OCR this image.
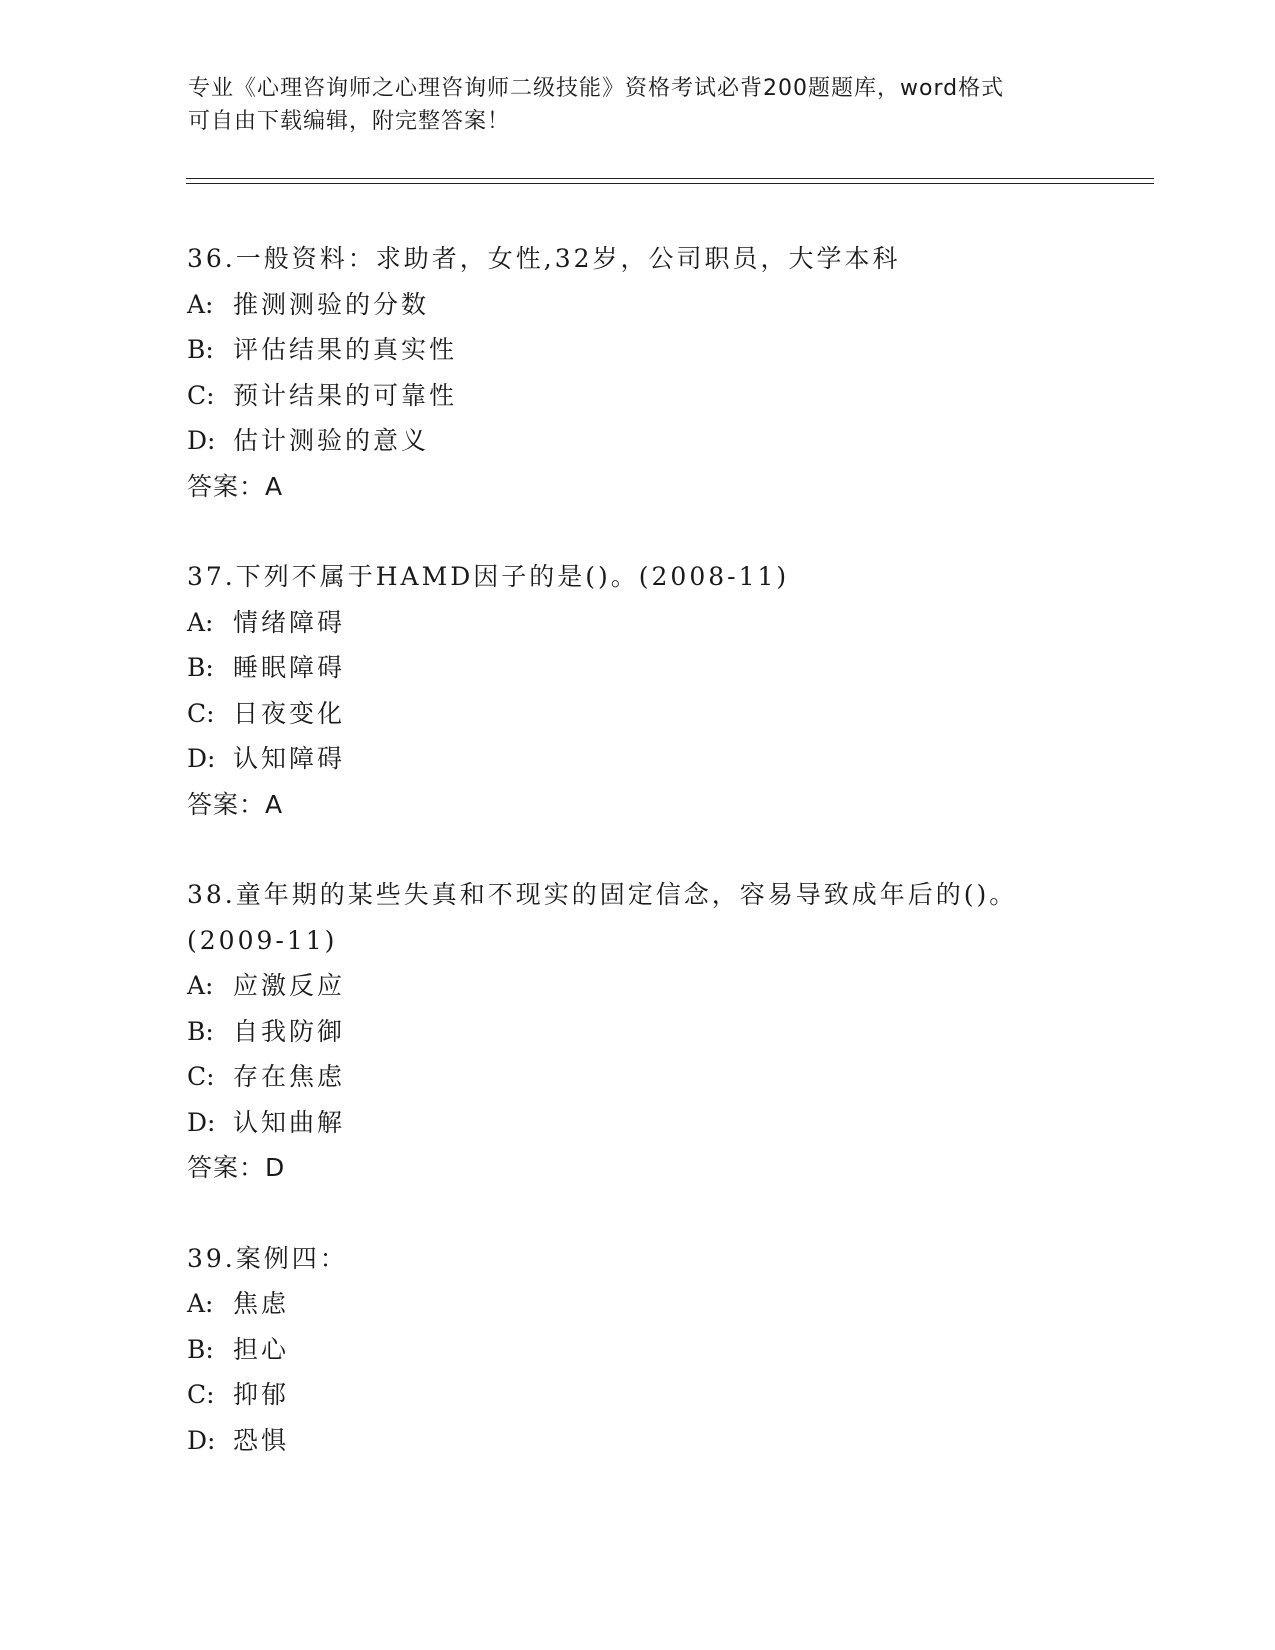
专业《心理咨询师之心理咨询师二级技能》资格考试必背200题题库，word格式
可自由下载编辑，附完整答案！
36.一般资料：求助者，女性,32岁，公司职员，大学本科
A: 推测测验的分数
B: 评估结果的真实性
C: 预计结果的可靠性
D: 估计测验的意义
答案：A
37.下列不属于HAMD因子的是()。(2008-11)
A: 情绪障碍
B: 睡眠障碍
C: 日夜变化
D: 认知障碍
答案：A
38.童年期的某些失真和不现实的固定信念，容易导致成年后的()。
(2009-11)
A: 应激反应
B: 自我防御
C: 存在焦虑
D: 认知曲解
答案：D
39.案例四：
A: 焦虑
B: 担心
C: 抑郁
D: 恐惧
